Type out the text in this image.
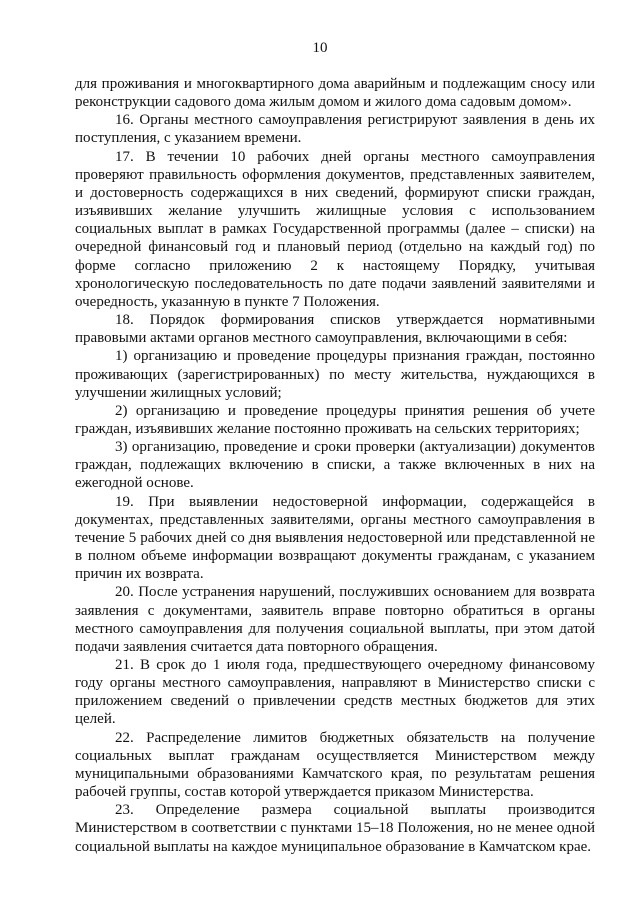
10

для проживания и многоквартирного дома аварийным и подлежащим сносу или реконструкции садового дома жилым домом и жилого дома садовым домом».

16. Органы местного самоуправления регистрируют заявления в день их поступления, с указанием времени.

17. В течении 10 рабочих дней органы местного самоуправления проверяют правильность оформления документов, представленных заявителем, и достоверность содержащихся в них сведений, формируют списки граждан, изъявивших желание улучшить жилищные условия с использованием социальных выплат в рамках Государственной программы (далее – списки) на очередной финансовый год и плановый период (отдельно на каждый год) по форме согласно приложению 2 к настоящему Порядку, учитывая хронологическую последовательность по дате подачи заявлений заявителями и очередность, указанную в пункте 7 Положения.

18. Порядок формирования списков утверждается нормативными правовыми актами органов местного самоуправления, включающими в себя:

1) организацию и проведение процедуры признания граждан, постоянно проживающих (зарегистрированных) по месту жительства, нуждающихся в улучшении жилищных условий;

2) организацию и проведение процедуры принятия решения об учете граждан, изъявивших желание постоянно проживать на сельских территориях;

3) организацию, проведение и сроки проверки (актуализации) документов граждан, подлежащих включению в списки, а также включенных в них на ежегодной основе.

19. При выявлении недостоверной информации, содержащейся в документах, представленных заявителями, органы местного самоуправления в течение 5 рабочих дней со дня выявления недостоверной или представленной не в полном объеме информации возвращают документы гражданам, с указанием причин их возврата.

20. После устранения нарушений, послуживших основанием для возврата заявления с документами, заявитель вправе повторно обратиться в органы местного самоуправления для получения социальной выплаты, при этом датой подачи заявления считается дата повторного обращения.

21. В срок до 1 июля года, предшествующего очередному финансовому году органы местного самоуправления, направляют в Министерство списки с приложением сведений о привлечении средств местных бюджетов для этих целей.

22. Распределение лимитов бюджетных обязательств на получение социальных выплат гражданам осуществляется Министерством между муниципальными образованиями Камчатского края, по результатам решения рабочей группы, состав которой утверждается приказом Министерства.

23. Определение размера социальной выплаты производится Министерством в соответствии с пунктами 15–18 Положения, но не менее одной социальной выплаты на каждое муниципальное образование в Камчатском крае.
